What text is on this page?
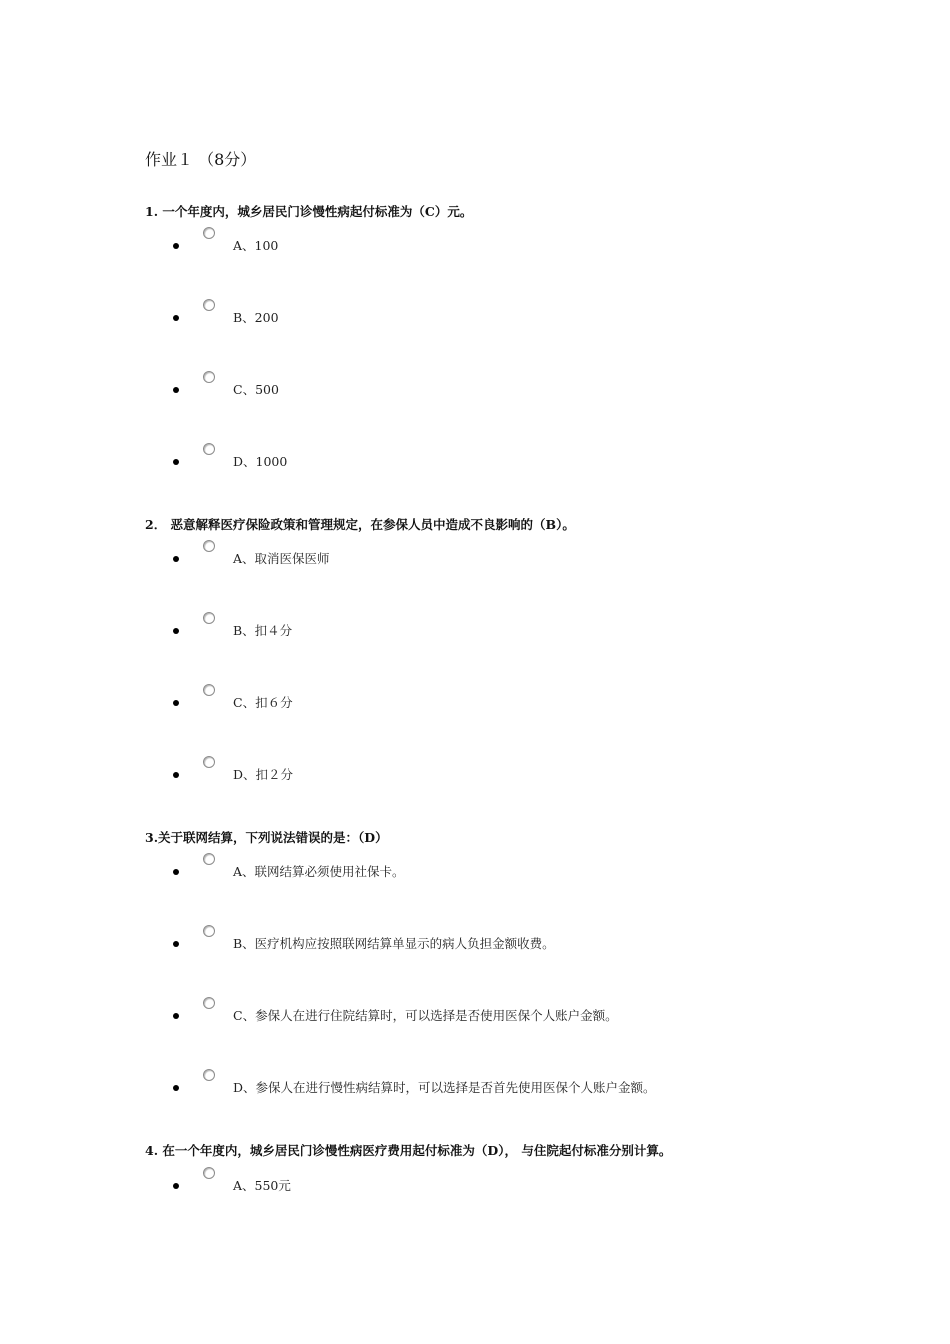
作业１ （8分）
1. 一个年度内，城乡居民门诊慢性病起付标准为（C）元。
A、100
B、200
C、500
D、1000
2． 恶意解释医疗保险政策和管理规定，在参保人员中造成不良影响的（B）。
A、取消医保医师
B、扣４分
C、扣６分
D、扣２分
3.关于联网结算，下列说法错误的是：（D）
A、联网结算必须使用社保卡。
B、医疗机构应按照联网结算单显示的病人负担金额收费。
C、参保人在进行住院结算时，可以选择是否使用医保个人账户金额。
D、参保人在进行慢性病结算时，可以选择是否首先使用医保个人账户金额。
4. 在一个年度内，城乡居民门诊慢性病医疗费用起付标准为（D）， 与住院起付标准分别计算。
A、550元
